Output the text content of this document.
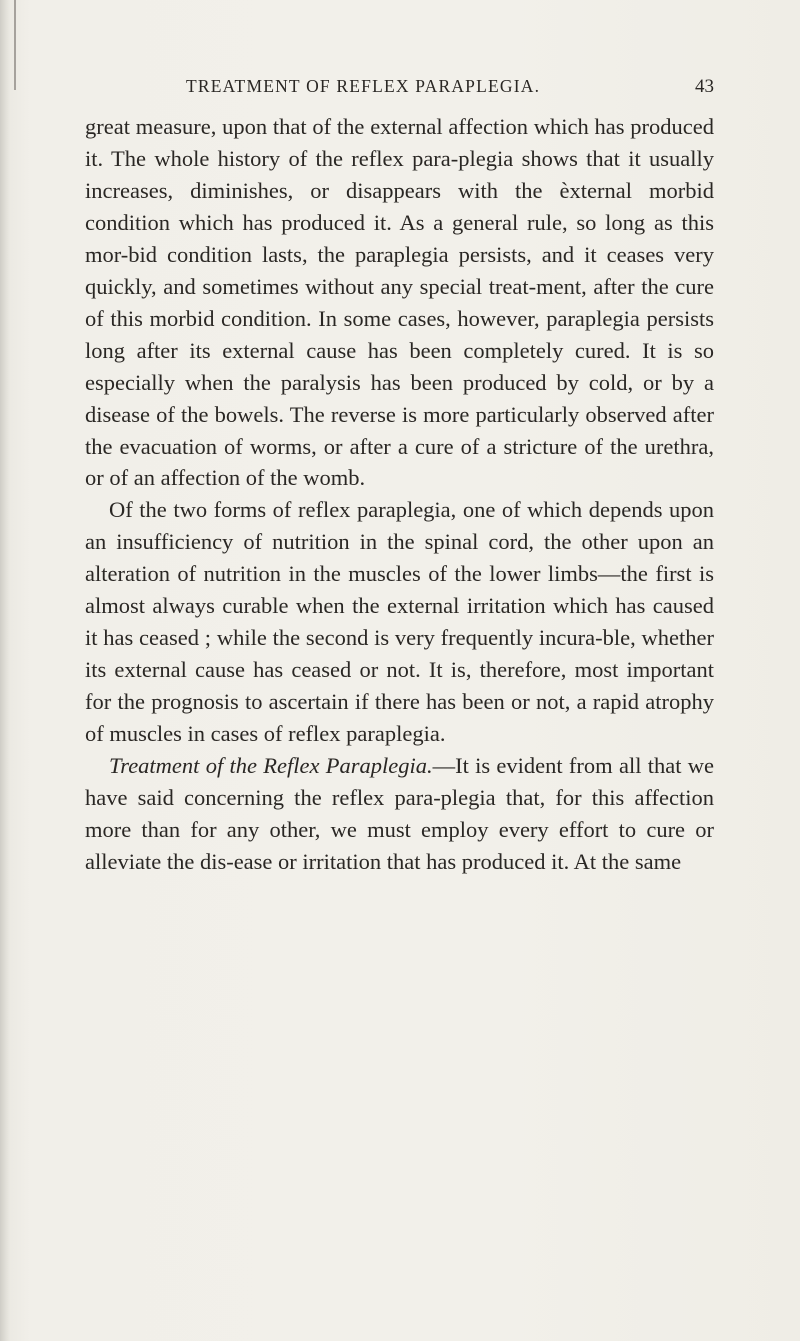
TREATMENT OF REFLEX PARAPLEGIA.	43

great measure, upon that of the external affection which has produced it. The whole history of the reflex para-plegia shows that it usually increases, diminishes, or disappears with the èxternal morbid condition which has produced it. As a general rule, so long as this mor-bid condition lasts, the paraplegia persists, and it ceases very quickly, and sometimes without any special treat-ment, after the cure of this morbid condition. In some cases, however, paraplegia persists long after its external cause has been completely cured. It is so especially when the paralysis has been produced by cold, or by a disease of the bowels. The reverse is more particularly observed after the evacuation of worms, or after a cure of a stricture of the urethra, or of an affection of the womb.

Of the two forms of reflex paraplegia, one of which depends upon an insufficiency of nutrition in the spinal cord, the other upon an alteration of nutrition in the muscles of the lower limbs—the first is almost always curable when the external irritation which has caused it has ceased ; while the second is very frequently incura-ble, whether its external cause has ceased or not. It is, therefore, most important for the prognosis to ascertain if there has been or not, a rapid atrophy of muscles in cases of reflex paraplegia.

Treatment of the Reflex Paraplegia.—It is evident from all that we have said concerning the reflex para-plegia that, for this affection more than for any other, we must employ every effort to cure or alleviate the dis-ease or irritation that has produced it. At the same
